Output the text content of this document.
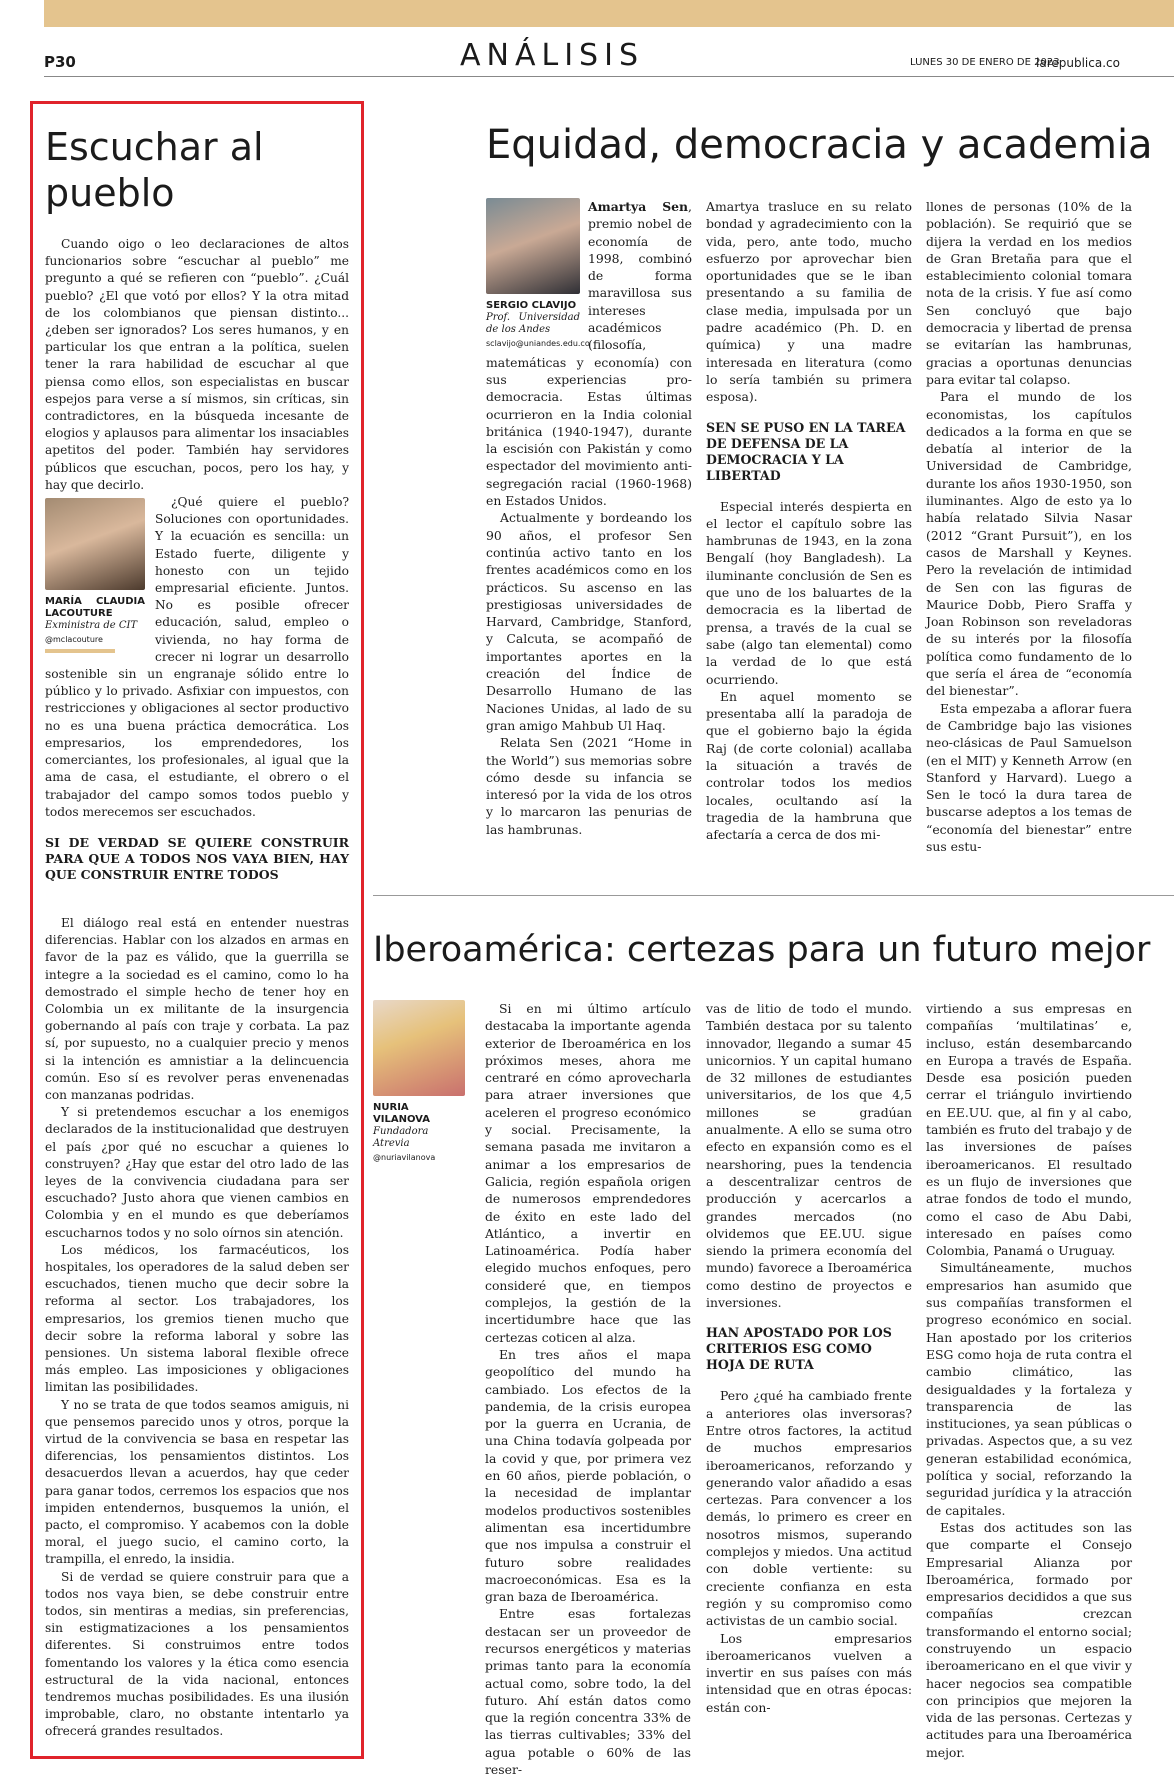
P30	ANÁLISIS	LUNES 30 DE ENERO DE 2023
larepublica.co
Escuchar al pueblo

Cuando oigo o leo declaraciones de altos funcionarios sobre “escuchar al pueblo” me pregunto a qué se refieren con “pueblo”. ¿Cuál pueblo? ¿El que votó por ellos? Y la otra mitad de los colombianos que piensan distinto... ¿deben ser ignorados? Los seres humanos, y en particular los que entran a la política, suelen tener la rara habilidad de escuchar al que piensa como ellos, son especialistas en buscar espejos para verse a sí mismos, sin críticas, sin contradictores, en la búsqueda incesante de elogios y aplausos para alimentar los insaciables apetitos del poder. También hay servidores públicos que escuchan, pocos, pero los hay, y hay que decirlo.

MARÍA CLAUDIA LACOUTURE
Exministra de CIT
@mclacouture

¿Qué quiere el pueblo? Soluciones con oportunidades. Y la ecuación es sencilla: un Estado fuerte, diligente y honesto con un tejido empresarial eficiente. Juntos. No es posible ofrecer educación, salud, empleo o vivienda, no hay forma de crecer ni lograr un desarrollo sostenible sin un engranaje sólido entre lo público y lo privado. Asfixiar con impuestos, con restricciones y obligaciones al sector productivo no es una buena práctica democrática. Los empresarios, los emprendedores, los comerciantes, los profesionales, al igual que la ama de casa, el estudiante, el obrero o el trabajador del campo somos todos pueblo y todos merecemos ser escuchados.

SI DE VERDAD SE QUIERE CONSTRUIR PARA QUE A TODOS NOS VAYA BIEN, HAY QUE CONSTRUIR ENTRE TODOS

El diálogo real está en entender nuestras diferencias. Hablar con los alzados en armas en favor de la paz es válido, que la guerrilla se integre a la sociedad es el camino, como lo ha demostrado el simple hecho de tener hoy en Colombia un ex militante de la insurgencia gobernando al país con traje y corbata. La paz sí, por supuesto, no a cualquier precio y menos si la intención es amnistiar a la delincuencia común. Eso sí es revolver peras envenenadas con manzanas podridas.

Y si pretendemos escuchar a los enemigos declarados de la institucionalidad que destruyen el país ¿por qué no escuchar a quienes lo construyen? ¿Hay que estar del otro lado de las leyes de la convivencia ciudadana para ser escuchado? Justo ahora que vienen cambios en Colombia y en el mundo es que deberíamos escucharnos todos y no solo oírnos sin atención.

Los médicos, los farmacéuticos, los hospitales, los operadores de la salud deben ser escuchados, tienen mucho que decir sobre la reforma al sector. Los trabajadores, los empresarios, los gremios tienen mucho que decir sobre la reforma laboral y sobre las pensiones. Un sistema laboral flexible ofrece más empleo. Las imposiciones y obligaciones limitan las posibilidades.

Y no se trata de que todos seamos amiguis, ni que pensemos parecido unos y otros, porque la virtud de la convivencia se basa en respetar las diferencias, los pensamientos distintos. Los desacuerdos llevan a acuerdos, hay que ceder para ganar todos, cerremos los espacios que nos impiden entendernos, busquemos la unión, el pacto, el compromiso. Y acabemos con la doble moral, el juego sucio, el camino corto, la trampilla, el enredo, la insidia.

Si de verdad se quiere construir para que a todos nos vaya bien, se debe construir entre todos, sin mentiras a medias, sin preferencias, sin estigmatizaciones a los pensamientos diferentes. Si construimos entre todos fomentando los valores y la ética como esencia estructural de la vida nacional, entonces tendremos muchas posibilidades. Es una ilusión improbable, claro, no obstante intentarlo ya ofrecerá grandes resultados.

Equidad, democracia y academia
SERGIO CLAVIJO
Prof. Universidad de los Andes
sclavijo@uniandes.edu.co

Amartya Sen, premio nobel de economía de 1998, combinó de forma maravillosa sus intereses académicos (filosofía, matemáticas y economía) con sus experiencias pro-democracia. Estas últimas ocurrieron en la India colonial británica (1940-1947), durante la escisión con Pakistán y como espectador del movimiento anti-segregación racial (1960-1968) en Estados Unidos.

Actualmente y bordeando los 90 años, el profesor Sen continúa activo tanto en los frentes académicos como en los prácticos. Su ascenso en las prestigiosas universidades de Harvard, Cambridge, Stanford, y Calcuta, se acompañó de importantes aportes en la creación del Índice de Desarrollo Humano de las Naciones Unidas, al lado de su gran amigo Mahbub Ul Haq.

Relata Sen (2021 “Home in the World”) sus memorias sobre cómo desde su infancia se interesó por la vida de los otros y lo marcaron las penurias de las hambrunas.

Amartya trasluce en su relato bondad y agradecimiento con la vida, pero, ante todo, mucho esfuerzo por aprovechar bien oportunidades que se le iban presentando a su familia de clase media, impulsada por un padre académico (Ph. D. en química) y una madre interesada en literatura (como lo sería también su primera esposa).

SEN SE PUSO EN LA TAREA DE DEFENSA DE LA DEMOCRACIA Y LA LIBERTAD

Especial interés despierta en el lector el capítulo sobre las hambrunas de 1943, en la zona Bengalí (hoy Bangladesh). La iluminante conclusión de Sen es que uno de los baluartes de la democracia es la libertad de prensa, a través de la cual se sabe (algo tan elemental) como la verdad de lo que está ocurriendo.

En aquel momento se presentaba allí la paradoja de que el gobierno bajo la égida Raj (de corte colonial) acallaba la situación a través de controlar todos los medios locales, ocultando así la tragedia de la hambruna que afectaría a cerca de dos mi-

llones de personas (10% de la población). Se requirió que se dijera la verdad en los medios de Gran Bretaña para que el establecimiento colonial tomara nota de la crisis. Y fue así como Sen concluyó que bajo democracia y libertad de prensa se evitarían las hambrunas, gracias a oportunas denuncias para evitar tal colapso.

Para el mundo de los economistas, los capítulos dedicados a la forma en que se debatía al interior de la Universidad de Cambridge, durante los años 1930-1950, son iluminantes. Algo de esto ya lo había relatado Silvia Nasar (2012 “Grant Pursuit”), en los casos de Marshall y Keynes. Pero la revelación de intimidad de Sen con las figuras de Maurice Dobb, Piero Sraffa y Joan Robinson son reveladoras de su interés por la filosofía política como fundamento de lo que sería el área de “economía del bienestar”.

Esta empezaba a aflorar fuera de Cambridge bajo las visiones neo-clásicas de Paul Samuelson (en el MIT) y Kenneth Arrow (en Stanford y Harvard). Luego a Sen le tocó la dura tarea de buscarse adeptos a los temas de “economía del bienestar” entre sus estu-

Iberoamérica: certezas para un futuro mejor
NURIA VILANOVA
Fundadora Atrevia
@nuriavilanova

Si en mi último artículo destacaba la importante agenda exterior de Iberoamérica en los próximos meses, ahora me centraré en cómo aprovecharla para atraer inversiones que aceleren el progreso económico y social. Precisamente, la semana pasada me invitaron a animar a los empresarios de Galicia, región española origen de numerosos emprendedores de éxito en este lado del Atlántico, a invertir en Latinoamérica. Podía haber elegido muchos enfoques, pero consideré que, en tiempos complejos, la gestión de la incertidumbre hace que las certezas coticen al alza.

En tres años el mapa geopolítico del mundo ha cambiado. Los efectos de la pandemia, de la crisis europea por la guerra en Ucrania, de una China todavía golpeada por la covid y que, por primera vez en 60 años, pierde población, o la necesidad de implantar modelos productivos sostenibles alimentan esa incertidumbre que nos impulsa a construir el futuro sobre realidades macroeconómicas. Esa es la gran baza de Iberoamérica.

Entre esas fortalezas destacan ser un proveedor de recursos energéticos y materias primas tanto para la economía actual como, sobre todo, la del futuro. Ahí están datos como que la región concentra 33% de las tierras cultivables; 33% del agua potable o 60% de las reser-

vas de litio de todo el mundo. También destaca por su talento innovador, llegando a sumar 45 unicornios. Y un capital humano de 32 millones de estudiantes universitarios, de los que 4,5 millones se gradúan anualmente. A ello se suma otro efecto en expansión como es el nearshoring, pues la tendencia a descentralizar centros de producción y acercarlos a grandes mercados (no olvidemos que EE.UU. sigue siendo la primera economía del mundo) favorece a Iberoamérica como destino de proyectos e inversiones.

HAN APOSTADO POR LOS CRITERIOS ESG COMO HOJA DE RUTA

Pero ¿qué ha cambiado frente a anteriores olas inversoras? Entre otros factores, la actitud de muchos empresarios iberoamericanos, reforzando y generando valor añadido a esas certezas. Para convencer a los demás, lo primero es creer en nosotros mismos, superando complejos y miedos. Una actitud con doble vertiente: su creciente confianza en esta región y su compromiso como activistas de un cambio social.

Los empresarios iberoamericanos vuelven a invertir en sus países con más intensidad que en otras épocas: están con-

virtiendo a sus empresas en compañías ‘multilatinas’ e, incluso, están desembarcando en Europa a través de España. Desde esa posición pueden cerrar el triángulo invirtiendo en EE.UU. que, al fin y al cabo, también es fruto del trabajo y de las inversiones de países iberoamericanos. El resultado es un flujo de inversiones que atrae fondos de todo el mundo, como el caso de Abu Dabi, interesado en países como Colombia, Panamá o Uruguay.

Simultáneamente, muchos empresarios han asumido que sus compañías transformen el progreso económico en social. Han apostado por los criterios ESG como hoja de ruta contra el cambio climático, las desigualdades y la fortaleza y transparencia de las instituciones, ya sean públicas o privadas. Aspectos que, a su vez generan estabilidad económica, política y social, reforzando la seguridad jurídica y la atracción de capitales.

Estas dos actitudes son las que comparte el Consejo Empresarial Alianza por Iberoamérica, formado por empresarios decididos a que sus compañías crezcan transformando el entorno social; construyendo un espacio iberoamericano en el que vivir y hacer negocios sea compatible con principios que mejoren la vida de las personas. Certezas y actitudes para una Iberoamérica mejor.
